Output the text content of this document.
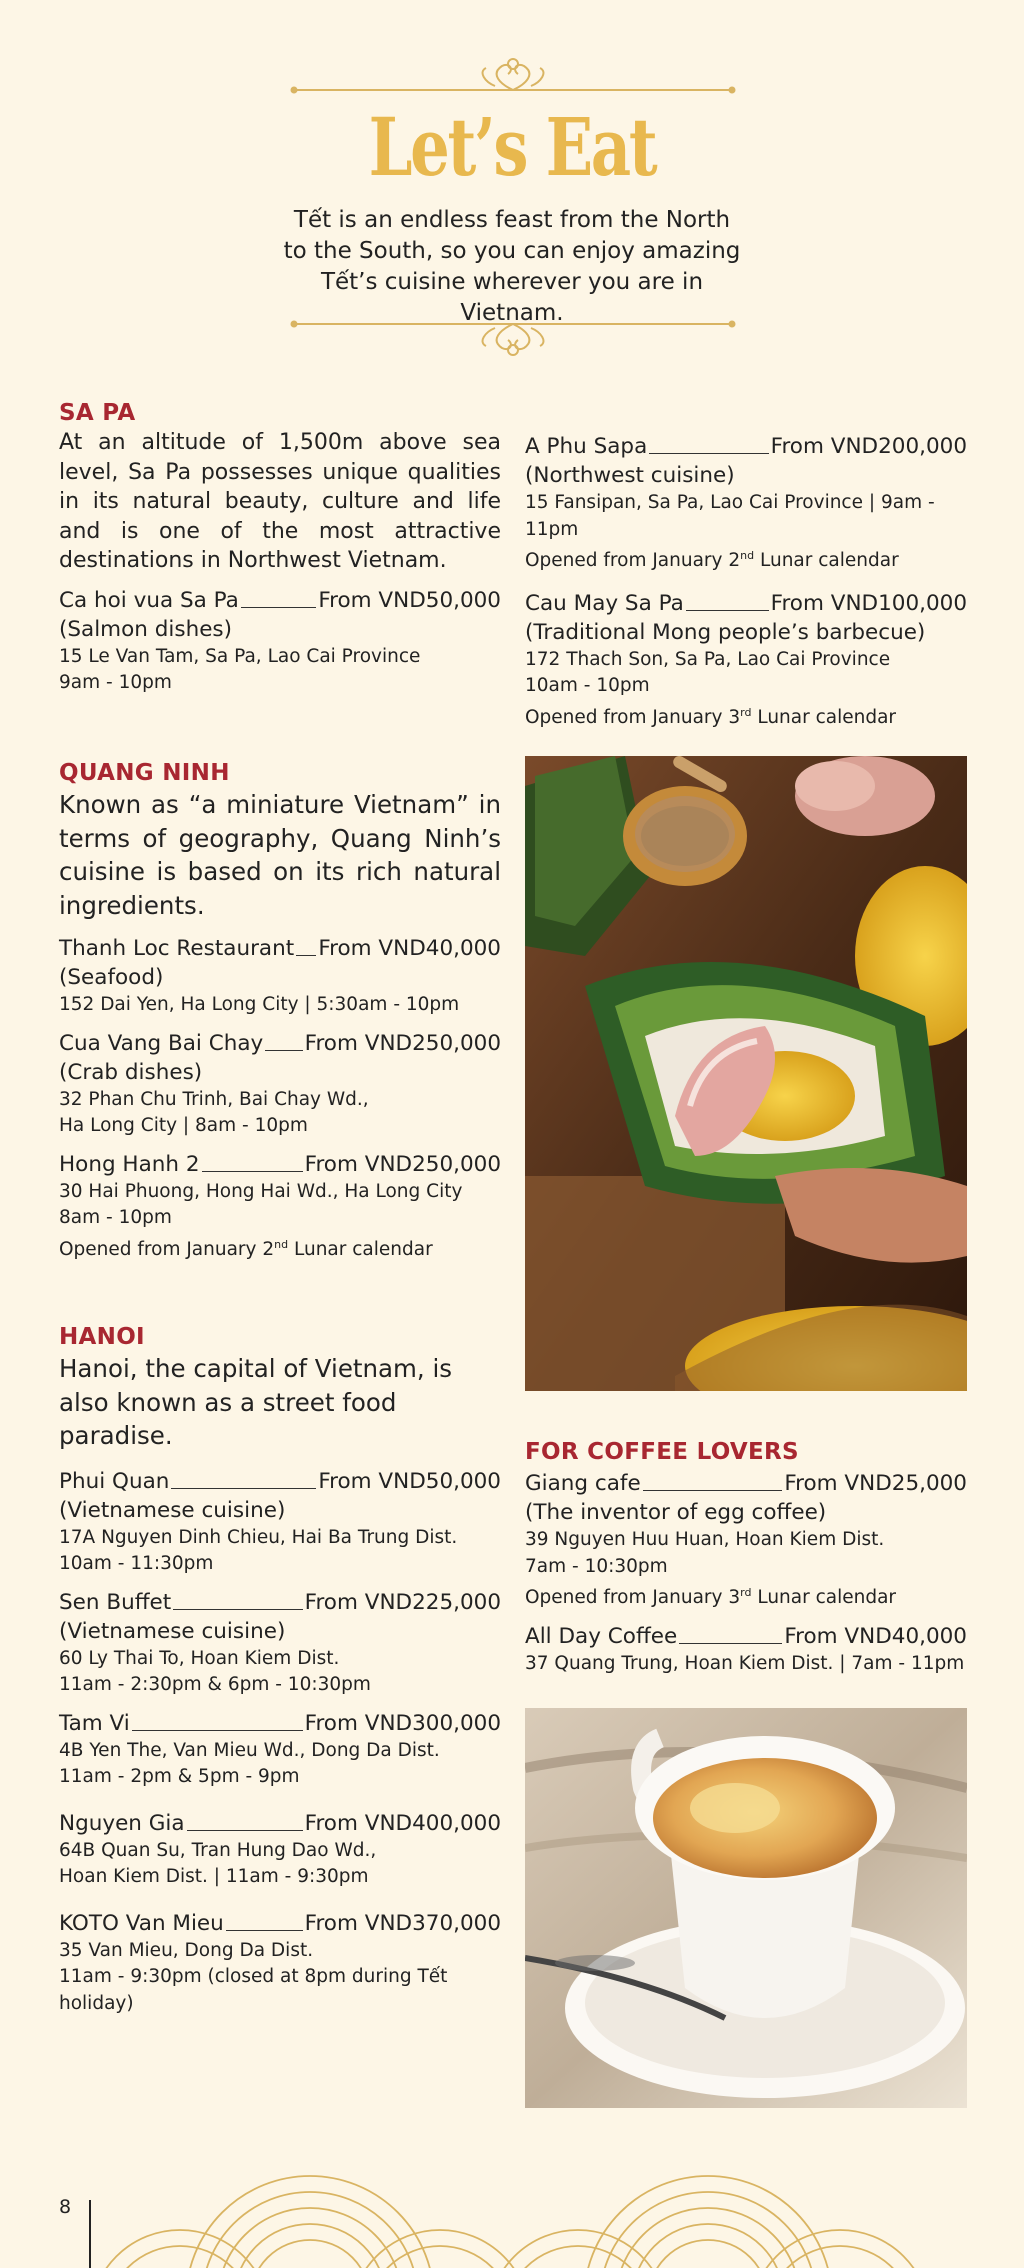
Let’s Eat
Tết is an endless feast from the North to the South, so you can enjoy amazing Tết’s cuisine wherever you are in Vietnam.
SA PA
At an altitude of 1,500m above sea level, Sa Pa possesses unique qualities in its natural beauty, culture and life and is one of the most attractive destinations in Northwest Vietnam.
Ca hoi vua Sa Pa	From VND50,000
(Salmon dishes)
15 Le Van Tam, Sa Pa, Lao Cai Province
9am - 10pm
A Phu Sapa	From VND200,000
(Northwest cuisine)
15 Fansipan, Sa Pa, Lao Cai Province | 9am - 11pm
Opened from January 2nd Lunar calendar
Cau May Sa Pa	From VND100,000
(Traditional Mong people’s barbecue)
172 Thach Son, Sa Pa, Lao Cai Province
10am - 10pm
Opened from January 3rd Lunar calendar
QUANG NINH
Known as “a miniature Vietnam” in terms of geography, Quang Ninh’s cuisine is based on its rich natural ingredients.
Thanh Loc Restaurant From VND40,000
(Seafood)
152 Dai Yen, Ha Long City | 5:30am - 10pm
Cua Vang Bai Chay From VND250,000
(Crab dishes)
32 Phan Chu Trinh, Bai Chay Wd.,
Ha Long City | 8am - 10pm
Hong Hanh 2	From VND250,000
30 Hai Phuong, Hong Hai Wd., Ha Long City
8am - 10pm
Opened from January 2nd Lunar calendar
HANOI
Hanoi, the capital of Vietnam, is also known as a street food paradise.
Phui Quan	From VND50,000
(Vietnamese cuisine)
17A Nguyen Dinh Chieu, Hai Ba Trung Dist.
10am - 11:30pm
Sen Buffet	From VND225,000
(Vietnamese cuisine)
60 Ly Thai To, Hoan Kiem Dist.
11am - 2:30pm & 6pm - 10:30pm
Tam Vi	From VND300,000
4B Yen The, Van Mieu Wd., Dong Da Dist.
11am - 2pm & 5pm - 9pm
Nguyen Gia	From VND400,000
64B Quan Su, Tran Hung Dao Wd.,
Hoan Kiem Dist. | 11am - 9:30pm
KOTO Van Mieu	From VND370,000
35 Van Mieu, Dong Da Dist.
11am - 9:30pm (closed at 8pm during Tết holiday)
FOR COFFEE LOVERS
Giang cafe	From VND25,000
(The inventor of egg coffee)
39 Nguyen Huu Huan, Hoan Kiem Dist.
7am - 10:30pm
Opened from January 3rd Lunar calendar
All Day Coffee	From VND40,000
37 Quang Trung, Hoan Kiem Dist. | 7am - 11pm
8
